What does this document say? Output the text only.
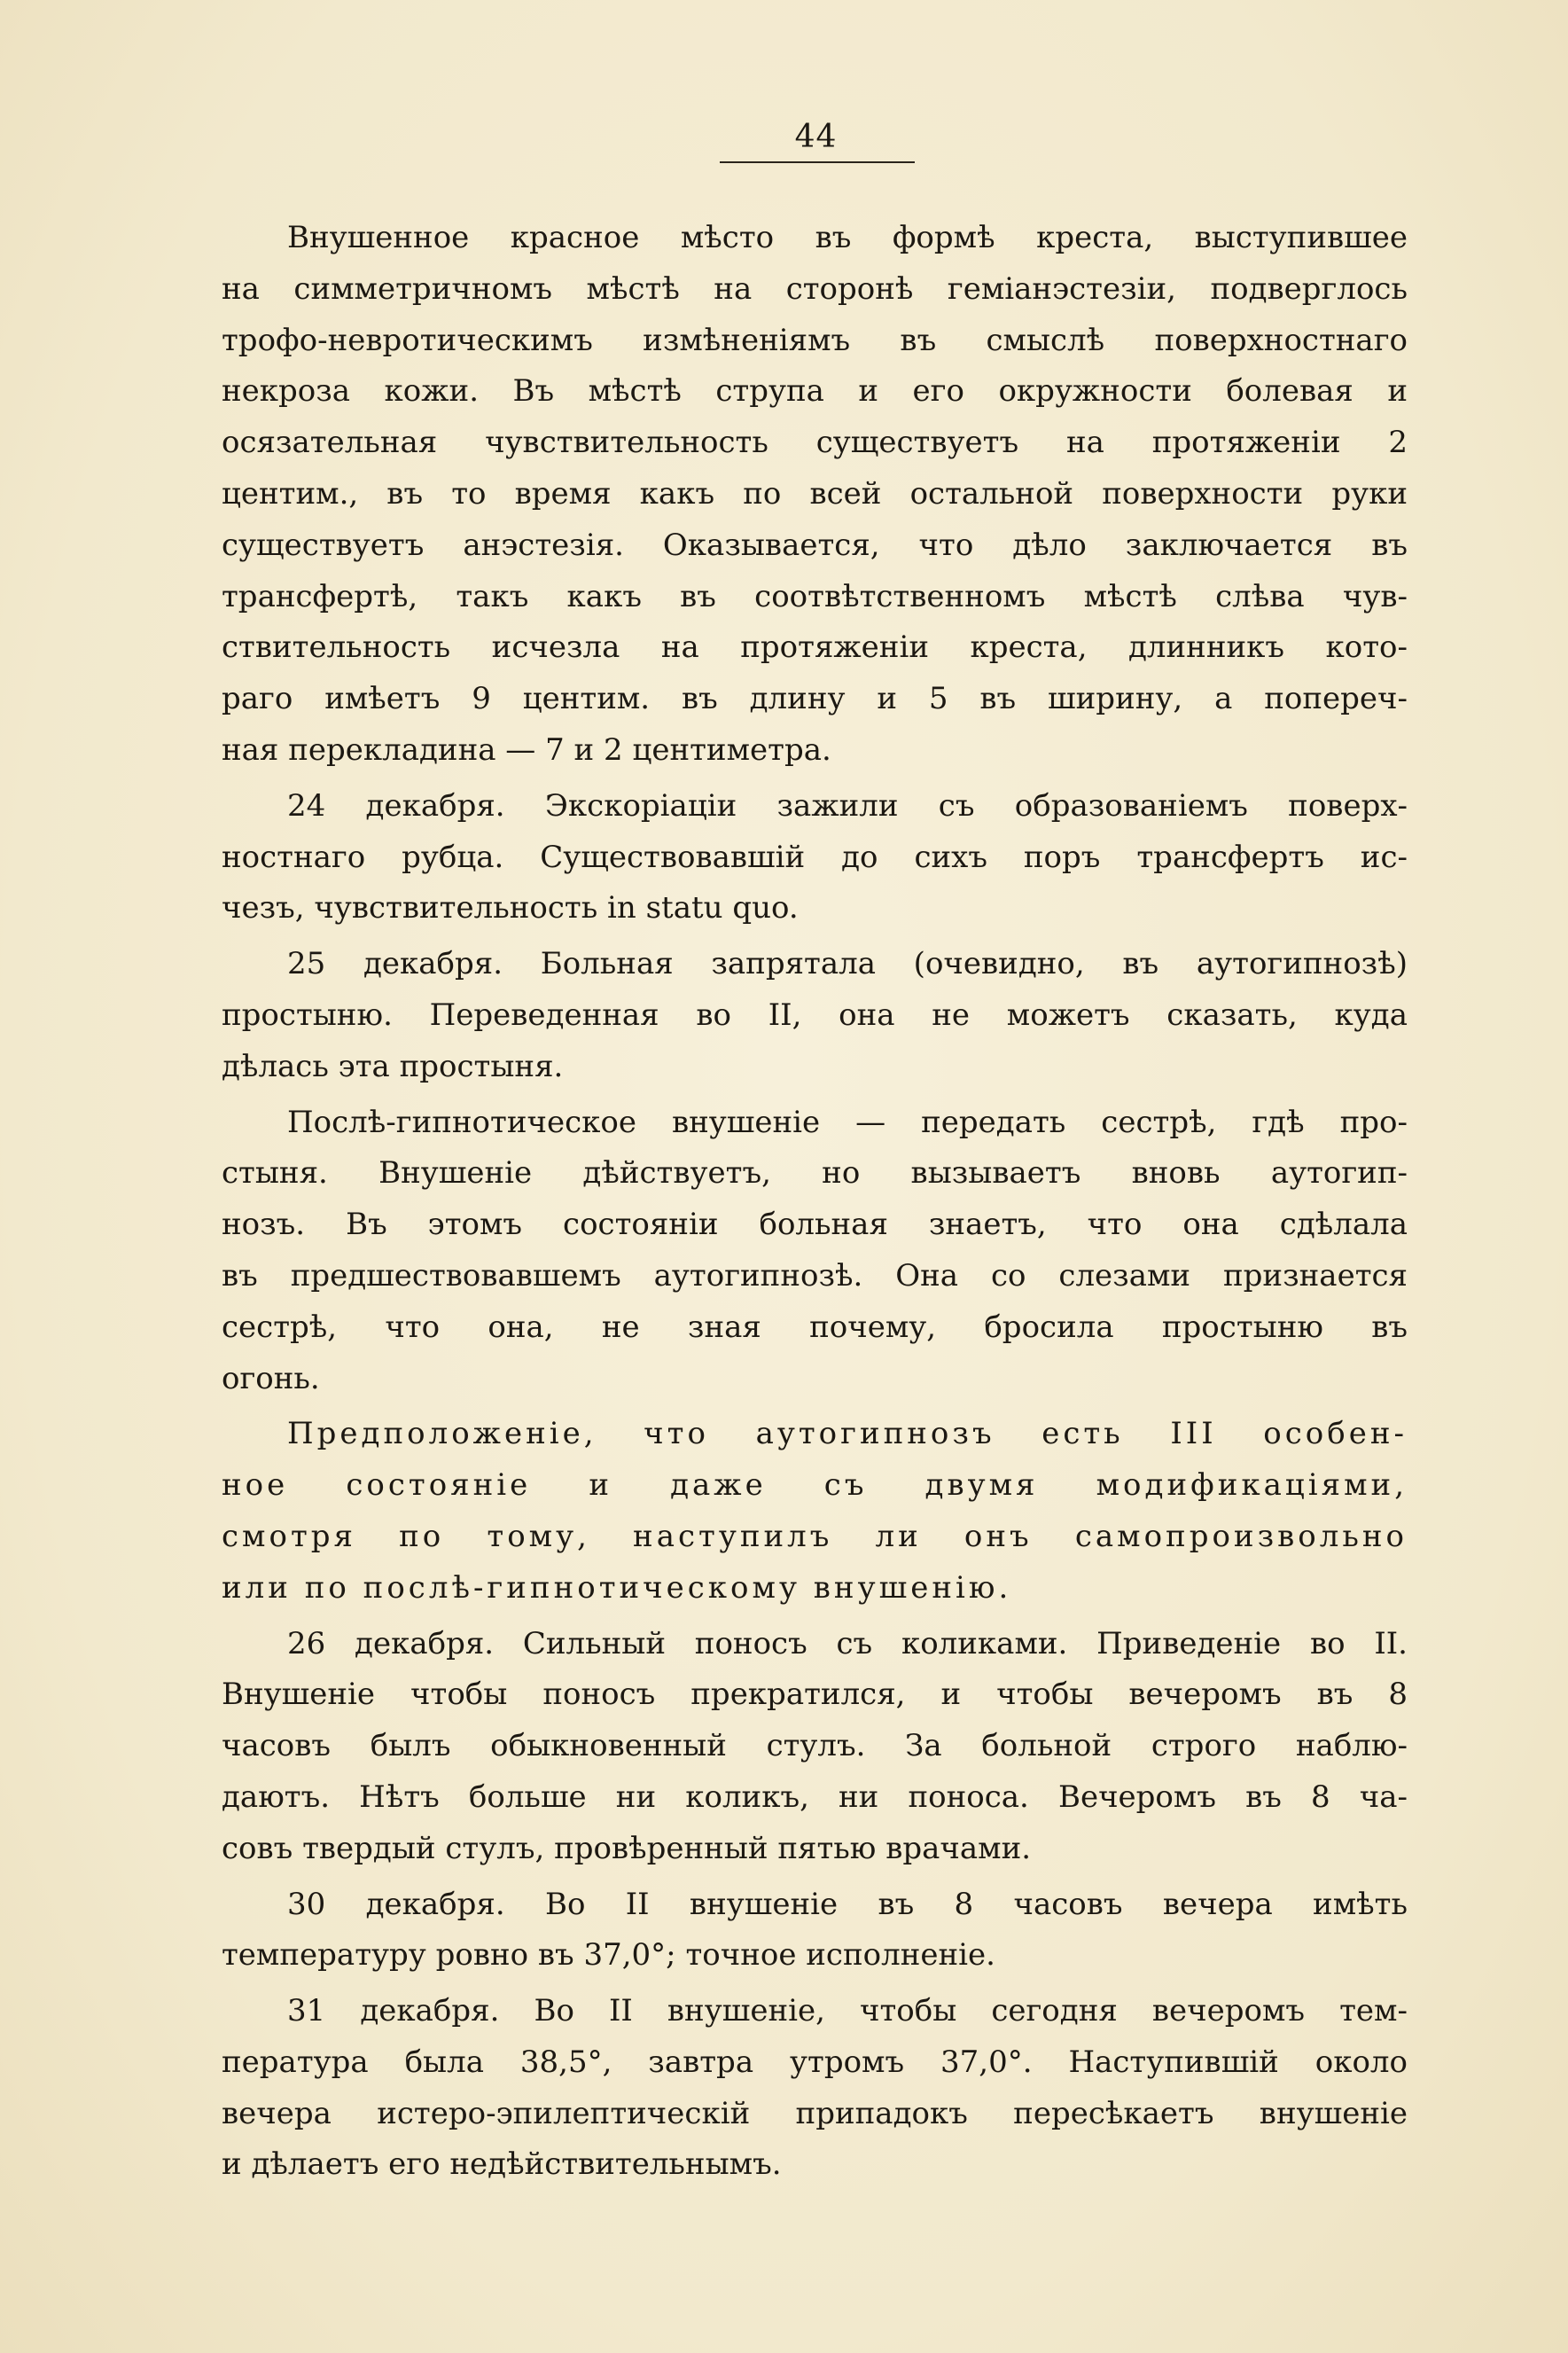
44
Внушенное красное мѣсто въ формѣ креста, выступившее
на симметричномъ мѣстѣ на сторонѣ геміанэстезіи, подверглось
трофо-невротическимъ измѣненіямъ въ смыслѣ поверхностнаго
некроза кожи. Въ мѣстѣ струпа и его окружности болевая и
осязательная чувствительность существуетъ на протяженіи 2
центим., въ то время какъ по всей остальной поверхности руки
существуетъ анэстезія. Оказывается, что дѣло заключается въ
трансфертѣ, такъ какъ въ соотвѣтственномъ мѣстѣ слѣва чув-
ствительность исчезла на протяженіи креста, длинникъ кото-
раго имѣетъ 9 центим. въ длину и 5 въ ширину, а попереч-
ная перекладина — 7 и 2 центиметра.
24 декабря. Экскоріаціи зажили съ образованіемъ поверх-
ностнаго рубца. Существовавшій до сихъ поръ трансфертъ ис-
чезъ, чувствительность in statu quo.
25 декабря. Больная запрятала (очевидно, въ аутогипнозѣ)
простыню. Переведенная во II, она не можетъ сказать, куда
дѣлась эта простыня.
Послѣ-гипнотическое внушеніе — передать сестрѣ, гдѣ про-
стыня. Внушеніе дѣйствуетъ, но вызываетъ вновь аутогип-
нозъ. Въ этомъ состояніи больная знаетъ, что она сдѣлала
въ предшествовавшемъ аутогипнозѣ. Она со слезами признается
сестрѣ, что она, не зная почему, бросила простыню въ
огонь.
Предположеніе, что аутогипнозъ есть III особен-
ное состояніе и даже съ двумя модификаціями,
смотря по тому, наступилъ ли онъ самопроизвольно
или по послѣ-гипнотическому внушенію.
26 декабря. Сильный поносъ съ коликами. Приведеніе во II.
Внушеніе чтобы поносъ прекратился, и чтобы вечеромъ въ 8
часовъ былъ обыкновенный стулъ. За больной строго наблю-
даютъ. Нѣтъ больше ни коликъ, ни поноса. Вечеромъ въ 8 ча-
совъ твердый стулъ, провѣренный пятью врачами.
30 декабря. Во II внушеніе въ 8 часовъ вечера имѣть
температуру ровно въ 37,0°; точное исполненіе.
31 декабря. Во II внушеніе, чтобы сегодня вечеромъ тем-
пература была 38,5°, завтра утромъ 37,0°. Наступившій около
вечера истеро-эпилептическій припадокъ пересѣкаетъ внушеніе
и дѣлаетъ его недѣйствительнымъ.
